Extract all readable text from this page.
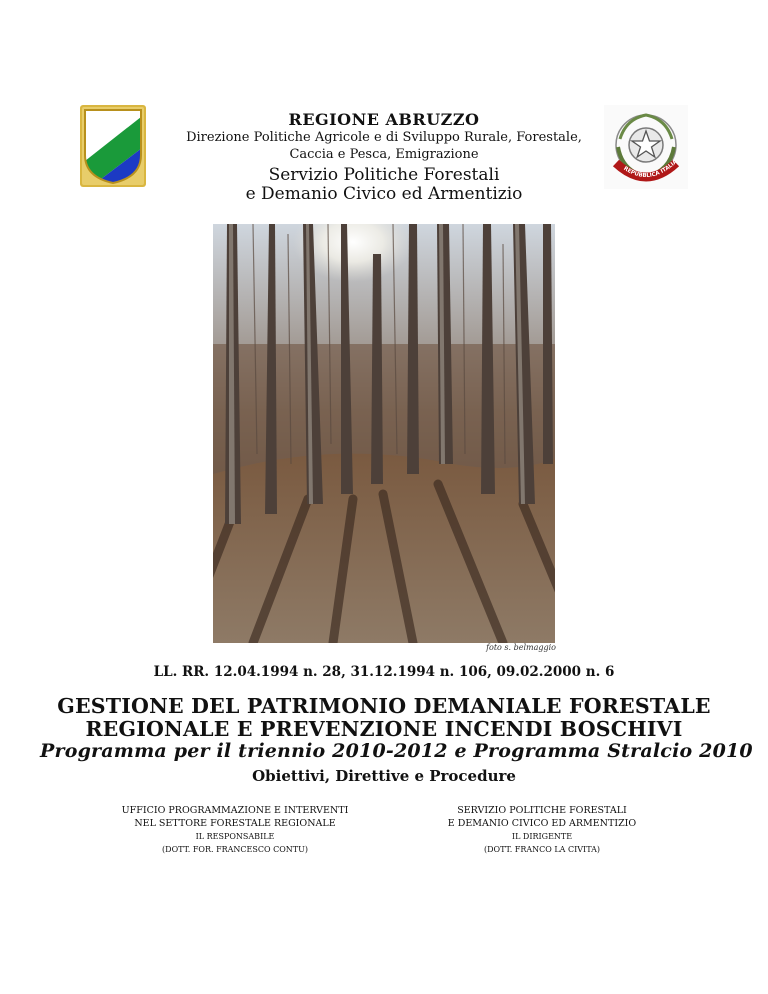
REPUBBLICA ITALIA
REGIONE ABRUZZO
Direzione Politiche Agricole e di Sviluppo Rurale, Forestale,
Caccia e Pesca, Emigrazione
Servizio Politiche Forestali
e Demanio Civico ed Armentizio
foto s. belmaggio
LL. RR. 12.04.1994 n. 28, 31.12.1994 n. 106, 09.02.2000 n. 6
GESTIONE DEL PATRIMONIO DEMANIALE FORESTALE
REGIONALE E PREVENZIONE INCENDI BOSCHIVI
Programma per il triennio 2010-2012 e Programma Stralcio 2010
Obiettivi, Direttive e Procedure
UFFICIO PROGRAMMAZIONE E INTERVENTI
NEL SETTORE FORESTALE REGIONALE
IL RESPONSABILE
(DOTT. FOR. FRANCESCO CONTU)
SERVIZIO POLITICHE FORESTALI
E DEMANIO CIVICO ED ARMENTIZIO
IL DIRIGENTE
(DOTT. FRANCO LA CIVITA)
